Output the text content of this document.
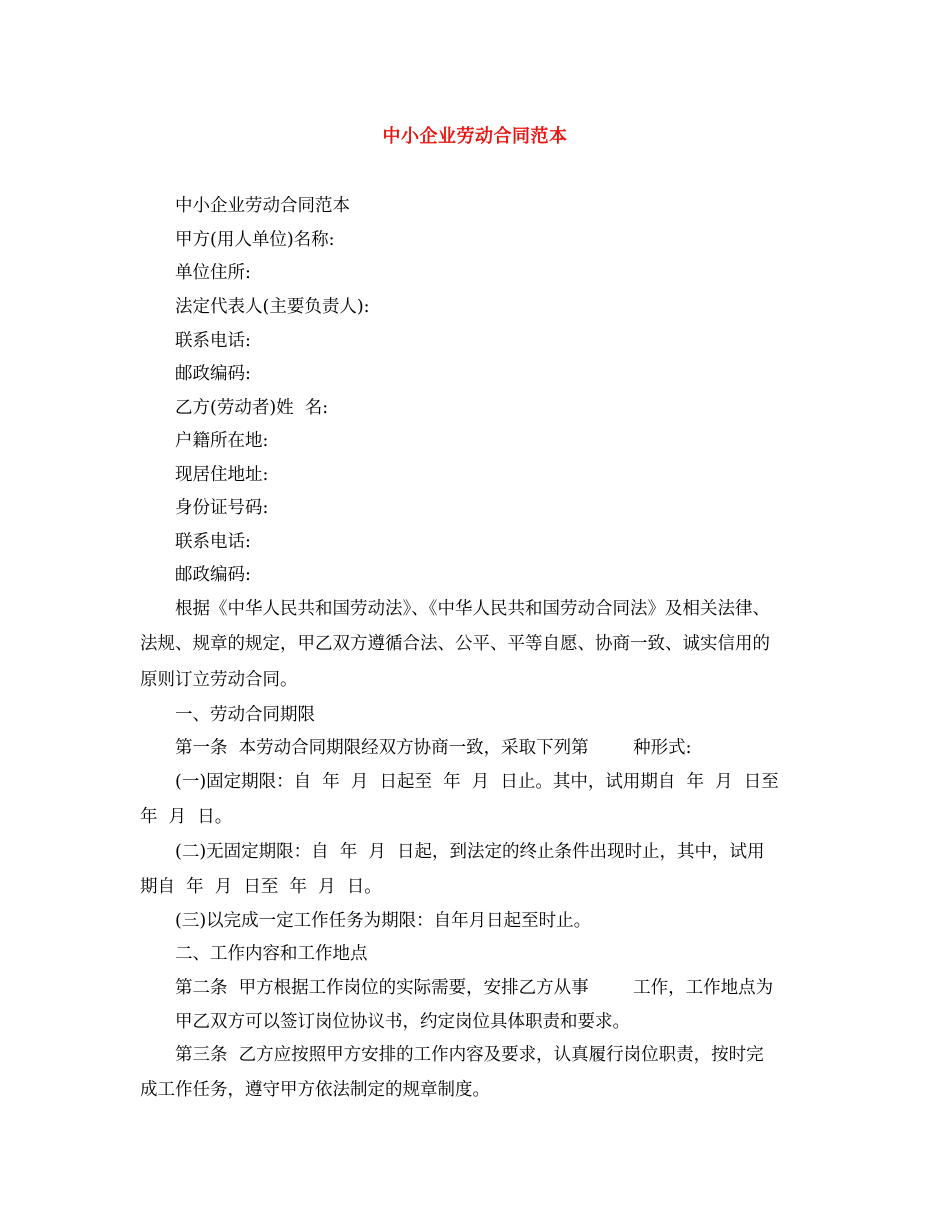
中小企业劳动合同范本
中小企业劳动合同范本
甲方(用人单位)名称:
单位住所:
法定代表人(主要负责人):
联系电话:
邮政编码:
乙方(劳动者)姓  名:
户籍所在地:
现居住地址:
身份证号码:
联系电话:
邮政编码:
根据《中华人民共和国劳动法》、《中华人民共和国劳动合同法》及相关法律、
法规、规章的规定，甲乙双方遵循合法、公平、平等自愿、协商一致、诚实信用的
原则订立劳动合同。
一、劳动合同期限
第一条  本劳动合同期限经双方协商一致，采取下列第        种形式:
(一)固定期限：自  年  月  日起至  年  月  日止。其中，试用期自  年  月  日至
年  月  日。
(二)无固定期限：自  年  月  日起，到法定的终止条件出现时止，其中，试用
期自  年  月  日至  年  月  日。
(三)以完成一定工作任务为期限：自年月日起至时止。
二、工作内容和工作地点
第二条  甲方根据工作岗位的实际需要，安排乙方从事        工作，工作地点为
甲乙双方可以签订岗位协议书，约定岗位具体职责和要求。
第三条  乙方应按照甲方安排的工作内容及要求，认真履行岗位职责，按时完
成工作任务，遵守甲方依法制定的规章制度。
